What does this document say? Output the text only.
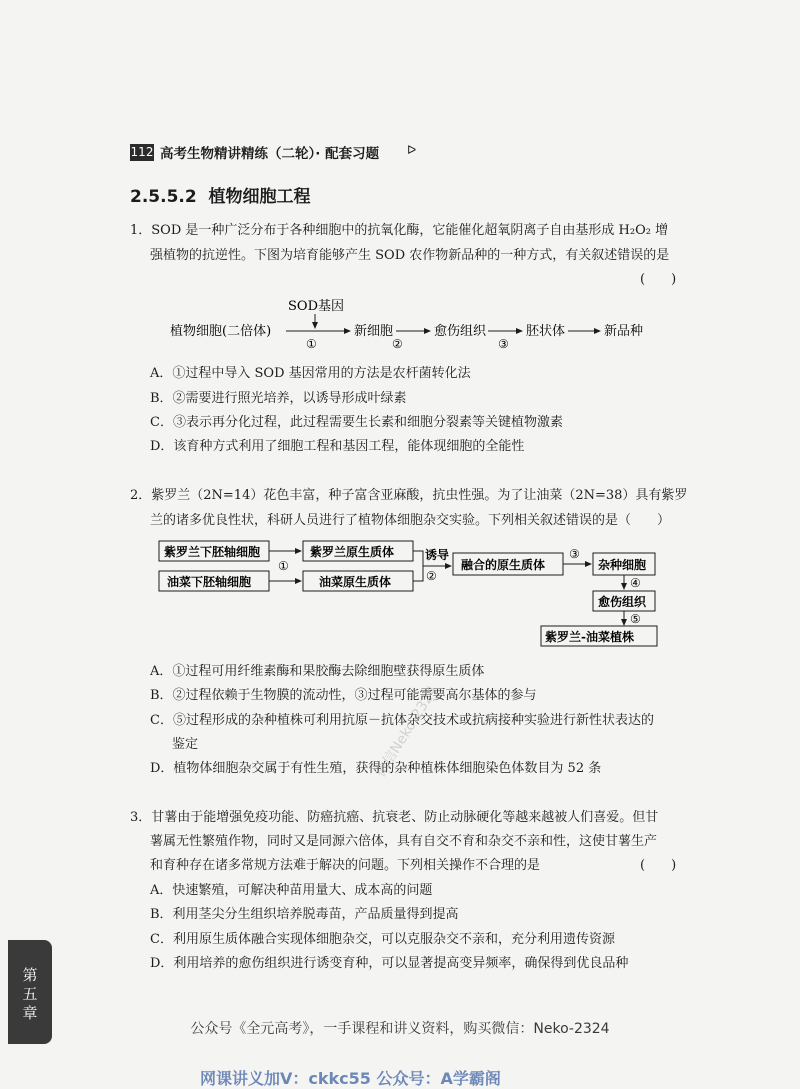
112 高考生物精讲精练（二轮）· 配套习题 ᐅ
2.5.5.2 植物细胞工程
1．SOD 是一种广泛分布于各种细胞中的抗氧化酶，它能催化超氧阴离子自由基形成 H₂O₂ 增
强植物的抗逆性。下图为培育能够产生 SOD 农作物新品种的一种方式，有关叙述错误的是
(　　)
SOD基因
植物细胞(二倍体)
①
新细胞
②
愈伤组织
③
胚状体	新品种
A．①过程中导入 SOD 基因常用的方法是农杆菌转化法
B．②需要进行照光培养，以诱导形成叶绿素
C．③表示再分化过程，此过程需要生长素和细胞分裂素等关键植物激素
D．该育种方式利用了细胞工程和基因工程，能体现细胞的全能性
2．紫罗兰（2N=14）花色丰富，种子富含亚麻酸，抗虫性强。为了让油菜（2N=38）具有紫罗
兰的诸多优良性状，科研人员进行了植物体细胞杂交实验。下列相关叙述错误的是（　　）
紫罗兰下胚轴细胞
油菜下胚轴细胞
①
紫罗兰原生质体
油菜原生质体
诱导
②
融合的原生质体
③
杂种细胞
④
愈伤组织
⑤
紫罗兰-油菜植株
A．①过程可用纤维素酶和果胶酶去除细胞壁获得原生质体
B．②过程依赖于生物膜的流动性，③过程可能需要高尔基体的参与
C．⑤过程形成的杂种植株可利用抗原－抗体杂交技术或抗病接种实验进行新性状表达的
鉴定
D．植物体细胞杂交属于有性生殖，获得的杂种植株体细胞染色体数目为 52 条
3．甘薯由于能增强免疫功能、防癌抗癌、抗衰老、防止动脉硬化等越来越被人们喜爱。但甘
薯属无性繁殖作物，同时又是同源六倍体，具有自交不育和杂交不亲和性，这使甘薯生产
和育种存在诸多常规方法难于解决的问题。下列相关操作不合理的是	(　　)
A．快速繁殖，可解决种苗用量大、成本高的问题
B．利用茎尖分生组织培养脱毒苗，产品质量得到提高
C．利用原生质体融合实现体细胞杂交，可以克服杂交不亲和，充分利用遗传资源
D．利用培养的愈伤组织进行诱变育种，可以显著提高变异频率，确保得到优良品种
微信Neko-2324
第
五
章
公众号《全元高考》，一手课程和讲义资料，购买微信：Neko-2324
网课讲义加V：ckkc55 公众号：A学霸阁
